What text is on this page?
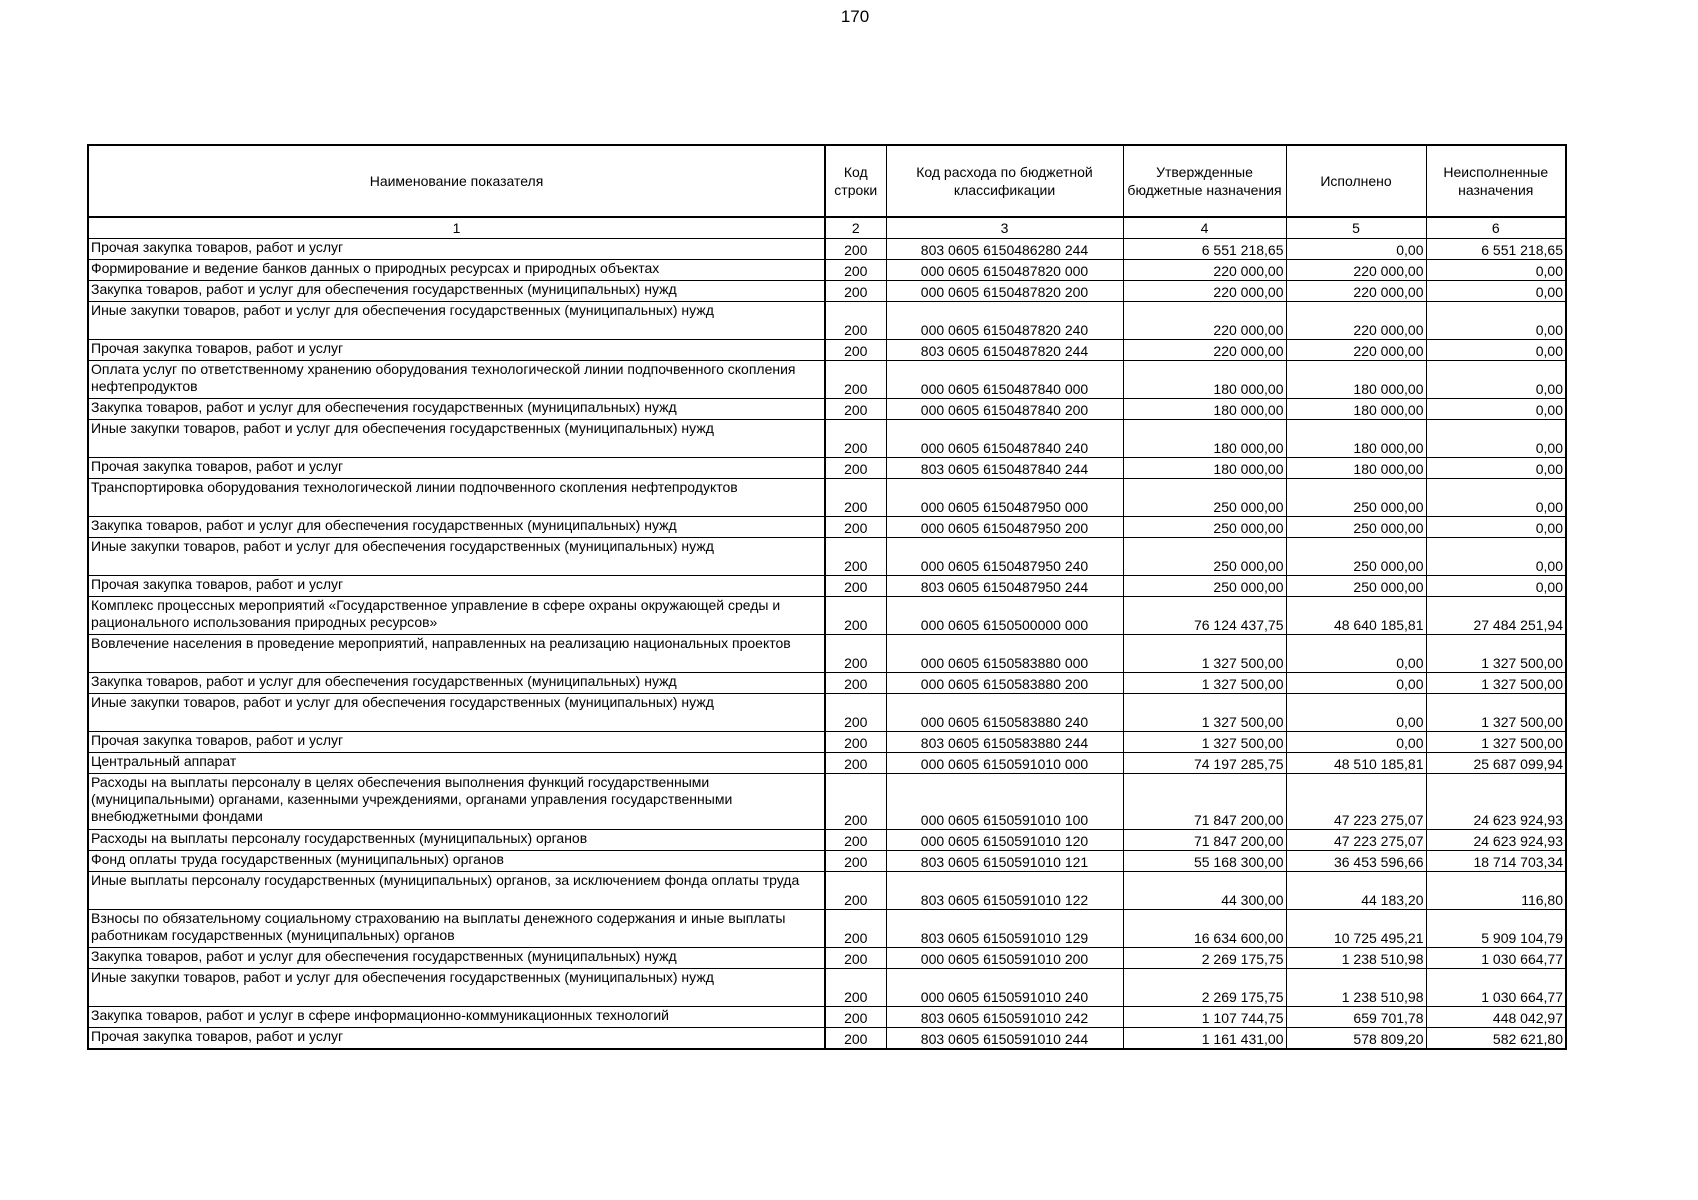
170
Наименование показателя	Код строки	Код расхода по бюджетной классификации	Утвержденные бюджетные назначения	Исполнено	Неисполненные назначения
1	2	3	4	5	6
Прочая закупка товаров, работ и услуг	200	803 0605 6150486280 244	6 551 218,65	0,00	6 551 218,65
Формирование и ведение банков данных о природных ресурсах и природных объектах	200	000 0605 6150487820 000	220 000,00	220 000,00	0,00
Закупка товаров, работ и услуг для обеспечения государственных (муниципальных) нужд	200	000 0605 6150487820 200	220 000,00	220 000,00	0,00
Иные закупки товаров, работ и услуг для обеспечения государственных (муниципальных) нужд	200	000 0605 6150487820 240	220 000,00	220 000,00	0,00
Прочая закупка товаров, работ и услуг	200	803 0605 6150487820 244	220 000,00	220 000,00	0,00
Оплата услуг по ответственному хранению оборудования технологической линии подпочвенного скопления нефтепродуктов	200	000 0605 6150487840 000	180 000,00	180 000,00	0,00
Закупка товаров, работ и услуг для обеспечения государственных (муниципальных) нужд	200	000 0605 6150487840 200	180 000,00	180 000,00	0,00
Иные закупки товаров, работ и услуг для обеспечения государственных (муниципальных) нужд	200	000 0605 6150487840 240	180 000,00	180 000,00	0,00
Прочая закупка товаров, работ и услуг	200	803 0605 6150487840 244	180 000,00	180 000,00	0,00
Транспортировка оборудования технологической линии подпочвенного скопления нефтепродуктов	200	000 0605 6150487950 000	250 000,00	250 000,00	0,00
Закупка товаров, работ и услуг для обеспечения государственных (муниципальных) нужд	200	000 0605 6150487950 200	250 000,00	250 000,00	0,00
Иные закупки товаров, работ и услуг для обеспечения государственных (муниципальных) нужд	200	000 0605 6150487950 240	250 000,00	250 000,00	0,00
Прочая закупка товаров, работ и услуг	200	803 0605 6150487950 244	250 000,00	250 000,00	0,00
Комплекс процессных мероприятий «Государственное управление в сфере охраны окружающей среды и рационального использования природных ресурсов»	200	000 0605 6150500000 000	76 124 437,75	48 640 185,81	27 484 251,94
Вовлечение населения в проведение мероприятий, направленных на реализацию национальных проектов	200	000 0605 6150583880 000	1 327 500,00	0,00	1 327 500,00
Закупка товаров, работ и услуг для обеспечения государственных (муниципальных) нужд	200	000 0605 6150583880 200	1 327 500,00	0,00	1 327 500,00
Иные закупки товаров, работ и услуг для обеспечения государственных (муниципальных) нужд	200	000 0605 6150583880 240	1 327 500,00	0,00	1 327 500,00
Прочая закупка товаров, работ и услуг	200	803 0605 6150583880 244	1 327 500,00	0,00	1 327 500,00
Центральный аппарат	200	000 0605 6150591010 000	74 197 285,75	48 510 185,81	25 687 099,94
Расходы на выплаты персоналу в целях обеспечения выполнения функций государственными (муниципальными) органами, казенными учреждениями, органами управления государственными внебюджетными фондами	200	000 0605 6150591010 100	71 847 200,00	47 223 275,07	24 623 924,93
Расходы на выплаты персоналу государственных (муниципальных) органов	200	000 0605 6150591010 120	71 847 200,00	47 223 275,07	24 623 924,93
Фонд оплаты труда государственных (муниципальных) органов	200	803 0605 6150591010 121	55 168 300,00	36 453 596,66	18 714 703,34
Иные выплаты персоналу государственных (муниципальных) органов, за исключением фонда оплаты труда	200	803 0605 6150591010 122	44 300,00	44 183,20	116,80
Взносы по обязательному социальному страхованию на выплаты денежного содержания и иные выплаты работникам государственных (муниципальных) органов	200	803 0605 6150591010 129	16 634 600,00	10 725 495,21	5 909 104,79
Закупка товаров, работ и услуг для обеспечения государственных (муниципальных) нужд	200	000 0605 6150591010 200	2 269 175,75	1 238 510,98	1 030 664,77
Иные закупки товаров, работ и услуг для обеспечения государственных (муниципальных) нужд	200	000 0605 6150591010 240	2 269 175,75	1 238 510,98	1 030 664,77
Закупка товаров, работ и услуг в сфере информационно-коммуникационных технологий	200	803 0605 6150591010 242	1 107 744,75	659 701,78	448 042,97
Прочая закупка товаров, работ и услуг	200	803 0605 6150591010 244	1 161 431,00	578 809,20	582 621,80
